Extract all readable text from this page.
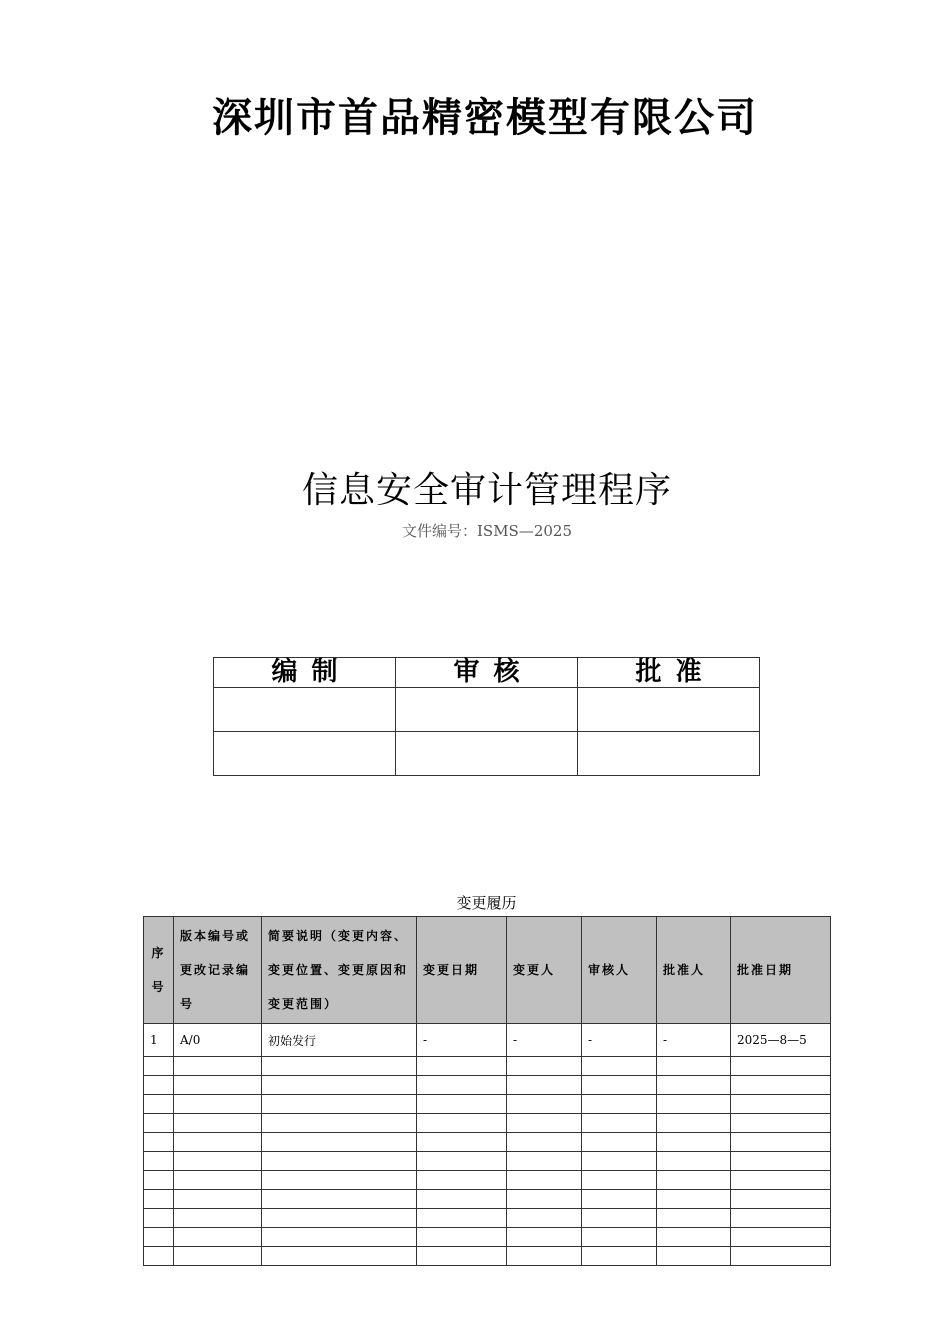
深圳市首品精密模型有限公司
信息安全审计管理程序
文件编号：ISMS—2025
编制	审核	批准

变更履历
序号	版本编号或更改记录编号	简要说明（变更内容、变更位置、变更原因和变更范围）	变更日期	变更人	审核人	批准人	批准日期
1	A/0	初始发行	-	-	-	-	2025—8—5
